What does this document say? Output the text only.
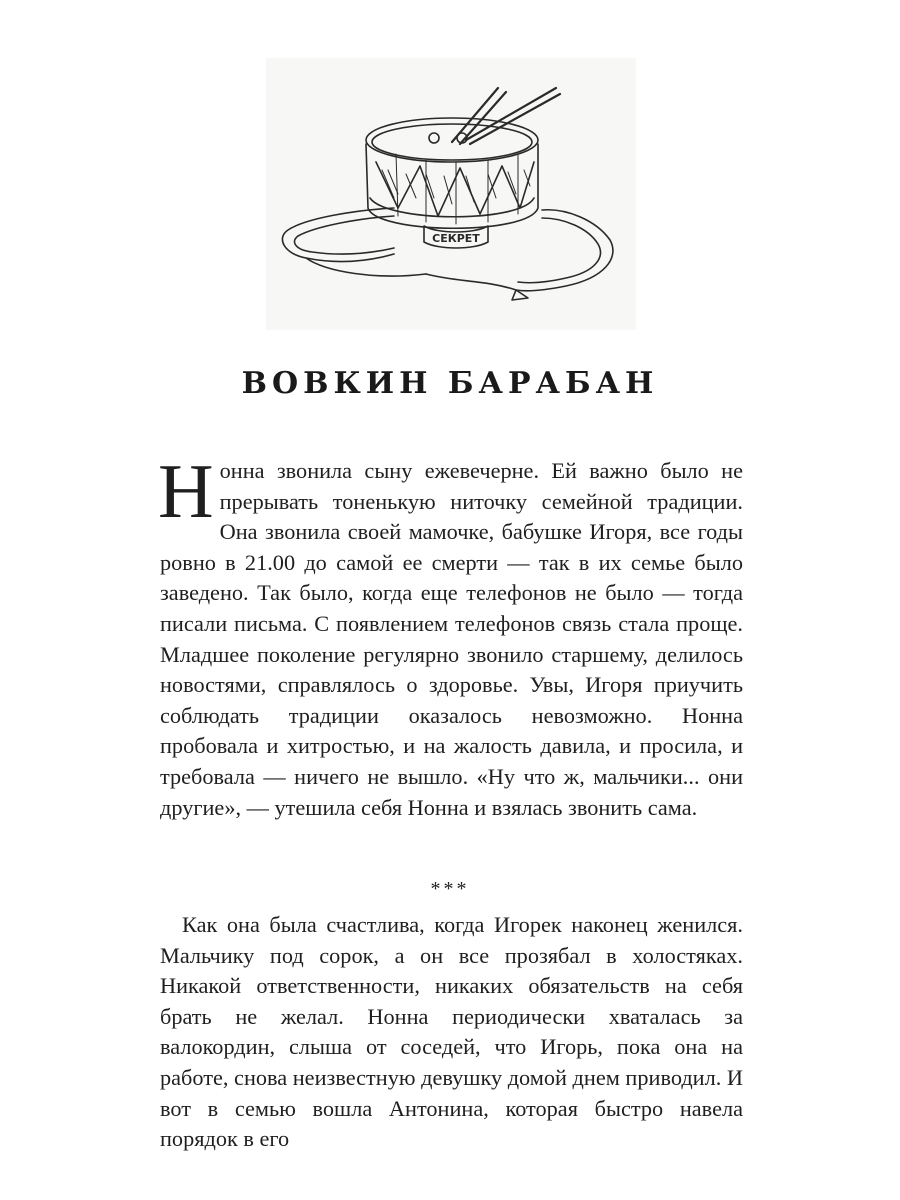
СЕКРЕТ
ВОВКИН БАРАБАН
Нонна звонила сыну ежевечерне. Ей важно было не прерывать тоненькую ниточку семейной традиции. Она звонила своей мамочке, бабушке Игоря, все годы ровно в 21.00 до самой ее смерти — так в их семье было заведено. Так было, когда еще телефонов не было — тогда писали письма. С появлением телефонов связь стала проще. Младшее поколение регулярно звонило старшему, делилось новостями, справлялось о здоровье. Увы, Игоря приучить соблюдать традиции оказалось невозможно. Нонна пробовала и хитростью, и на жалость давила, и просила, и требовала — ничего не вышло. «Ну что ж, мальчики... они другие», — утешила себя Нонна и взялась звонить сама.
***
Как она была счастлива, когда Игорек наконец женился. Мальчику под сорок, а он все прозябал в холостяках. Никакой ответственности, никаких обязательств на себя брать не желал. Нонна периодически хваталась за валокордин, слыша от соседей, что Игорь, пока она на работе, снова неизвестную девушку домой днем приводил. И вот в семью вошла Антонина, которая быстро навела порядок в его
